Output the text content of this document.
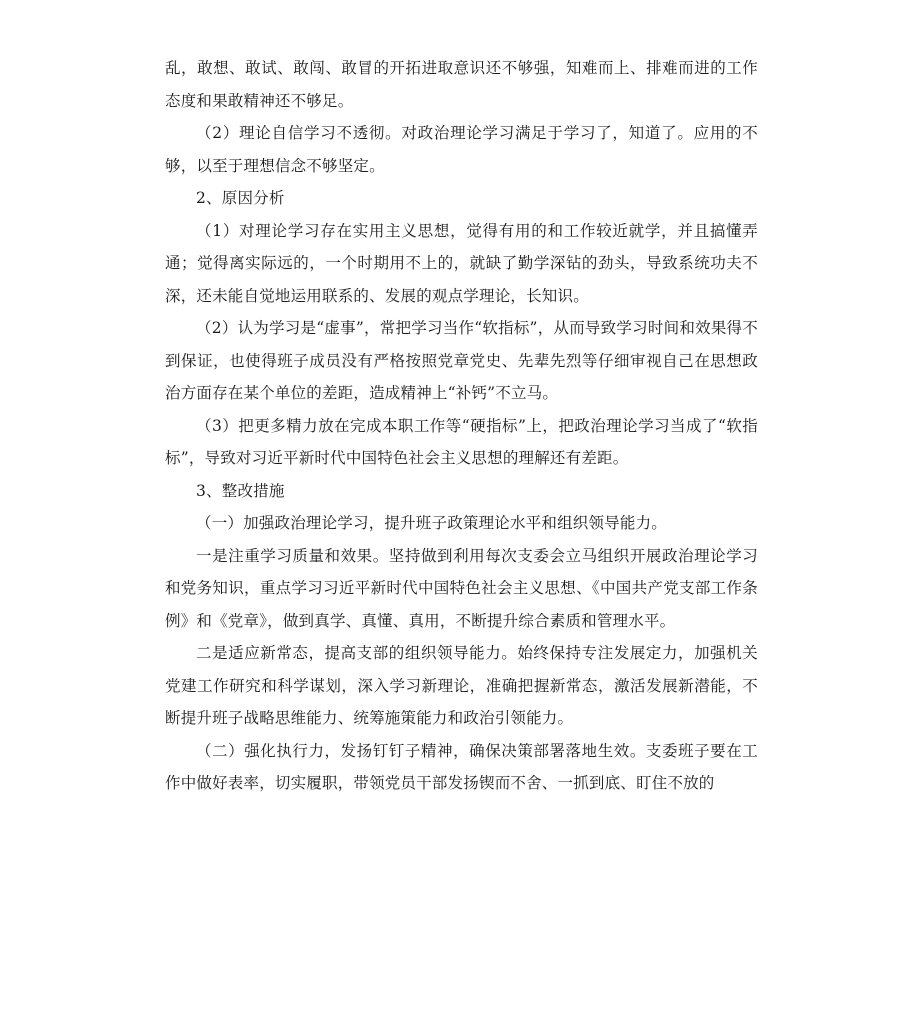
乱，敢想、敢试、敢闯、敢冒的开拓进取意识还不够强，知难而上、排难而进的工作态度和果敢精神还不够足。

（2）理论自信学习不透彻。对政治理论学习满足于学习了，知道了。应用的不够，以至于理想信念不够坚定。

2、原因分析

（1）对理论学习存在实用主义思想，觉得有用的和工作较近就学，并且搞懂弄通；觉得离实际远的，一个时期用不上的，就缺了勤学深钻的劲头，导致系统功夫不深，还未能自觉地运用联系的、发展的观点学理论，长知识。

（2）认为学习是“虚事”，常把学习当作“软指标”，从而导致学习时间和效果得不到保证，也使得班子成员没有严格按照党章党史、先辈先烈等仔细审视自己在思想政治方面存在某个单位的差距，造成精神上“补钙”不立马。

（3）把更多精力放在完成本职工作等“硬指标”上，把政治理论学习当成了“软指标”，导致对习近平新时代中国特色社会主义思想的理解还有差距。

3、整改措施

（一）加强政治理论学习，提升班子政策理论水平和组织领导能力。

一是注重学习质量和效果。坚持做到利用每次支委会立马组织开展政治理论学习和党务知识，重点学习习近平新时代中国特色社会主义思想、《中国共产党支部工作条例》和《党章》，做到真学、真懂、真用，不断提升综合素质和管理水平。

二是适应新常态，提高支部的组织领导能力。始终保持专注发展定力，加强机关党建工作研究和科学谋划，深入学习新理论，准确把握新常态，激活发展新潜能，不断提升班子战略思维能力、统筹施策能力和政治引领能力。

（二）强化执行力，发扬钉钉子精神，确保决策部署落地生效。支委班子要在工作中做好表率，切实履职，带领党员干部发扬锲而不舍、一抓到底、盯住不放的
